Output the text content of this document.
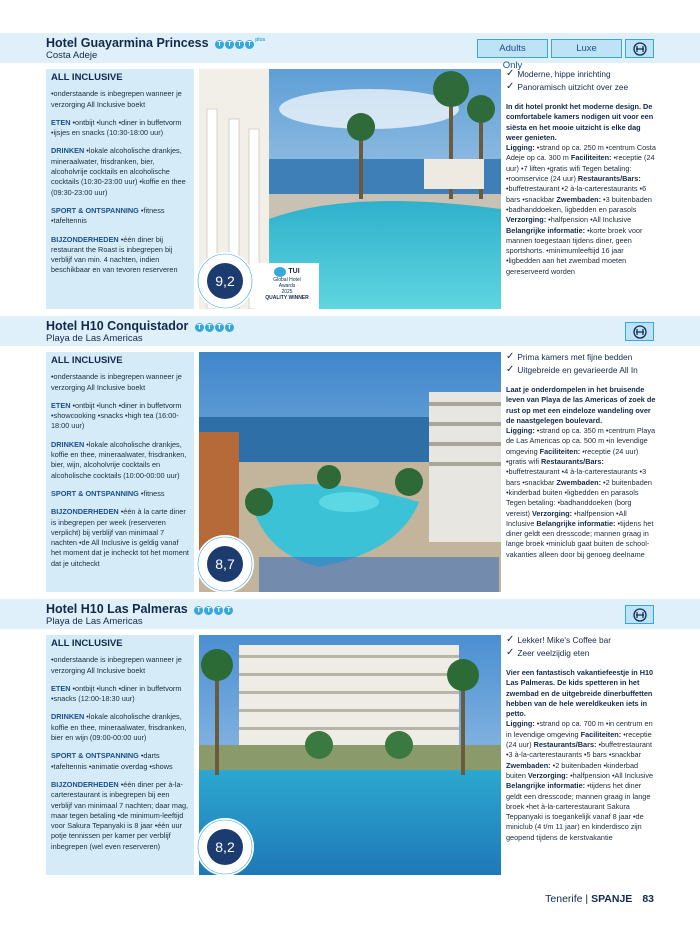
Hotel Guayarmina Princess	T T T T
$^{plus}$
Costa Adeje
Adults Only
Luxe
ALL INCLUSIVE

•onderstaande is inbegrepen wanneer je verzorging All Inclusive boekt

ETEN •ontbijt •lunch •diner in buffetvorm •ijsjes en snacks (10:30-18:00 uur)

DRINKEN •lokale alcoholische drankjes, mineraalwater, frisdranken, bier, alcoholvrije cocktails en alcoholische cocktails (10:30-23:00 uur) •koffie en thee (09:30-23:00 uur)

SPORT & ONTSPANNING •fitness •tafeltennis

BIJZONDERHEDEN •één diner bij restaurant the Roast is inbegrepen bij verblijf van min. 4 nachten, indien beschikbaar en van tevoren reserveren

9,2
TUI
Global Hotel
Awards
2025
QUALITY WINNER
✓ Moderne, hippe inrichting
✓ Panoramisch uitzicht over zee
In dit hotel pronkt het moderne design. De comfortabele kamers nodigen uit voor een siësta en het mooie uitzicht is elke dag weer genieten.
Ligging: •strand op ca. 250 m •centrum Costa Adeje op ca. 300 m Faciliteiten: •receptie (24 uur) •7 liften •gratis wifi Tegen betaling: •roomservice (24 uur) Restaurants/Bars: •buffetrestaurant •2 à-la-carterestaurants •6 bars •snackbar Zwembaden: •3 buitenbaden •badhanddoeken, ligbedden en parasols Verzorging: •halfpension •All Inclusive Belangrijke informatie: •korte broek voor mannen toegestaan tijdens diner, geen sportshorts. •minimumleeftijd 16 jaar •ligbedden aan het zwembad moeten gereserveerd worden
Hotel H10 Conquistador	T T T T
Playa de Las Americas
ALL INCLUSIVE

•onderstaande is inbegrepen wanneer je verzorging All Inclusive boekt

ETEN •ontbijt •lunch •diner in buffetvorm •showcooking •snacks •high tea (16:00-18:00 uur)

DRINKEN •lokale alcoholische drankjes, koffie en thee, mineraalwater, frisdranken, bier, wijn, alcoholvrije cocktails en alcoholische cocktails (10:00-00:00 uur)

SPORT & ONTSPANNING •fitness

BIJZONDERHEDEN •één à la carte diner is inbegrepen per week (reserveren verplicht) bij verblijf van minimaal 7 nachten •de All Inclusive is geldig vanaf het moment dat je incheckt tot het moment dat je uitcheckt	8,7
✓ Prima kamers met fijne bedden
✓ Uitgebreide en gevarieerde All In
Laat je onderdompelen in het bruisende leven van Playa de las Americas of zoek de rust op met een eindeloze wandeling over de naastgelegen boulevard.
Ligging: •strand op ca. 350 m •centrum Playa de Las Americas op ca. 500 m •in levendige omgeving Faciliteiten: •receptie (24 uur) •gratis wifi Restaurants/Bars: •buffetrestaurant •4 à-la-carterestaurants •3 bars •snackbar Zwembaden: •2 buitenbaden •kinderbad buiten •ligbedden en parasols Tegen betaling: •badhanddoeken (borg vereist) Verzorging: •halfpension •All Inclusive Belangrijke informatie: •tijdens het diner geldt een dresscode; mannen graag in lange broek •miniclub gaat buiten de school-vakanties alleen door bij genoeg deelname
Hotel H10 Las Palmeras	T T T T
Playa de Las Americas
ALL INCLUSIVE

•onderstaande is inbegrepen wanneer je verzorging All Inclusive boekt

ETEN •ontbijt •lunch •diner in buffetvorm •snacks (12:00-18:30 uur)

DRINKEN •lokale alcoholische drankjes, koffie en thee, mineraalwater, frisdranken, bier en wijn (09:00-00:00 uur)

SPORT & ONTSPANNING •darts •tafeltennis •animatie overdag •shows

BIJZONDERHEDEN •één diner per à-la-carterestaurant is inbegrepen bij een verblijf van minimaal 7 nachten; daar mag, maar tegen betaling •de minimum-leeftijd voor Sakura Tepanyaki is 8 jaar •één uur potje tennissen per kamer per verblijf inbegrepen (wel even reserveren)	8,2
✓ Lekker! Mike's Coffee bar
✓ Zeer veelzijdig eten
Vier een fantastisch vakantiefeestje in H10 Las Palmeras. De kids spetteren in het zwembad en de uitgebreide dinerbuffetten hebben van de hele wereldkeuken iets in petto.
Ligging: •strand op ca. 700 m •in centrum en in levendige omgeving Faciliteiten: •receptie (24 uur) Restaurants/Bars: •buffetrestaurant •3 à-la-carterestaurants •5 bars •snackbar Zwembaden: •2 buitenbaden •kinderbad buiten Verzorging: •halfpension •All Inclusive Belangrijke informatie: •tijdens het diner geldt een dresscode; mannen graag in lange broek •het à-la-carterestaurant Sakura Teppanyaki is toegankelijk vanaf 8 jaar •de miniclub (4 t/m 11 jaar) en kinderdisco zijn geopend tijdens de kerstvakantie
Tenerife | SPANJE 83
